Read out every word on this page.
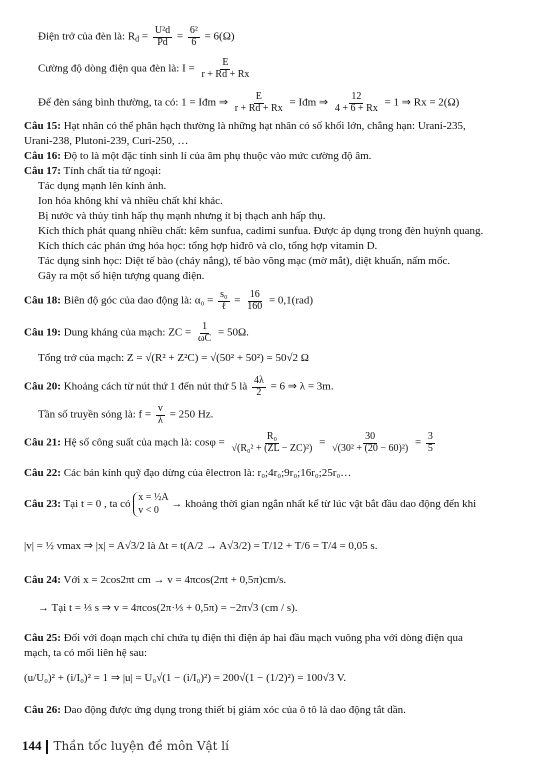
Điện trở của đèn là: $R_d = \frac{\text{U²d}}{Pd} = \frac{\text{6²}}{6} = 6(\Omega)$
Cường độ dòng điện qua đèn là: $I = \frac{E}{r + Rd + Rx}$
Để đèn sáng bình thường, ta có: 1 = Iđm ⇒ $\frac{E}{r + Rd + Rx}$ = Iđm ⇒ $\frac{12}{4 + 6 + Rx} = 1$ ⇒ Rx = 2(Ω)
Câu 15: Hạt nhân có thể phân hạch thường là những hạt nhân có số khối lớn, chẳng hạn: Urani-235,
Urani-238, Plutoni-239, Curi-250, …
Câu 16: Độ to là một đặc tính sinh lí của âm phụ thuộc vào mức cường độ âm.
Câu 17: Tính chất tia tử ngoại:
Tác dụng mạnh lên kính ảnh.
Ion hóa không khí và nhiều chất khí khác.
Bị nước và thủy tinh hấp thụ mạnh nhưng ít bị thạch anh hấp thụ.
Kích thích phát quang nhiều chất: kẽm sunfua, cadimi sunfua. Được áp dụng trong đèn huỳnh quang.
Kích thích các phản ứng hóa học: tổng hợp hiđrô và clo, tổng hợp vitamin D.
Tác dụng sinh học: Diệt tế bào (cháy nắng), tế bào võng mạc (mờ mắt), diệt khuẩn, nấm mốc.
Gây ra một số hiện tượng quang điện.
Câu 18: Biên độ góc của dao động là: $\alpha_0 = \frac{\text{s₀}}{\text{ℓ}} = \frac{16}{160} = 0,1(rad)$
Câu 19: Dung kháng của mạch: ZC = $\frac{1}{\omega C} = 50\Omega$.
Tổng trở của mạch: Z = √(R² + Z²C) = √(50² + 50²) = 50√2 Ω
Câu 20: Khoảng cách từ nút thứ 1 đến nút thứ 5 là $\frac{4\lambda}{2} = 6$ ⇒ λ = 3m.
Tần số truyền sóng là: $f = \frac{v}{\lambda} = 250$ Hz.
Câu 21: Hệ số công suất của mạch là: $\cos\varphi = \frac{\text{R₀}}{\text{√(R₀² + (ZL − ZC)²)}} = \frac{30}{\text{√(30² + (20 − 60)²)}} = \frac{3}{5}$
Câu 22: Các bán kính quỹ đạo dừng của êlectron là: r₀;4r₀;9r₀;16r₀;25r₀…
Câu 23: Tại t = 0 , ta có
x = ½A
v < 0	→ khoảng thời gian ngắn nhất kể từ lúc vật bắt đầu dao động đến khi
|v| = ½ vmax ⇒ |x| = A√3/2 là Δt = t(A/2 → A√3/2) = T/12 + T/6 = T/4 = 0,05 s.
Câu 24: Với x = 2cos2πt cm → v = 4πcos(2πt + 0,5π)cm/s.
→ Tại t = ⅓ s ⇒ v = 4πcos(2π·⅓ + 0,5π) = −2π√3 (cm / s).
Câu 25: Đối với đoạn mạch chỉ chứa tụ điện thì điện áp hai đầu mạch vuông pha với dòng điện qua
mạch, ta có mối liên hệ sau:
(u/U₀)² + (i/I₀)² = 1 ⇒ |u| = U₀√(1 − (i/I₀)²) = 200√(1 − (1/2)²) = 100√3 V.
Câu 26: Dao động được ứng dụng trong thiết bị giảm xóc của ô tô là dao động tắt dần.
144 Thần tốc luyện đề môn Vật lí
